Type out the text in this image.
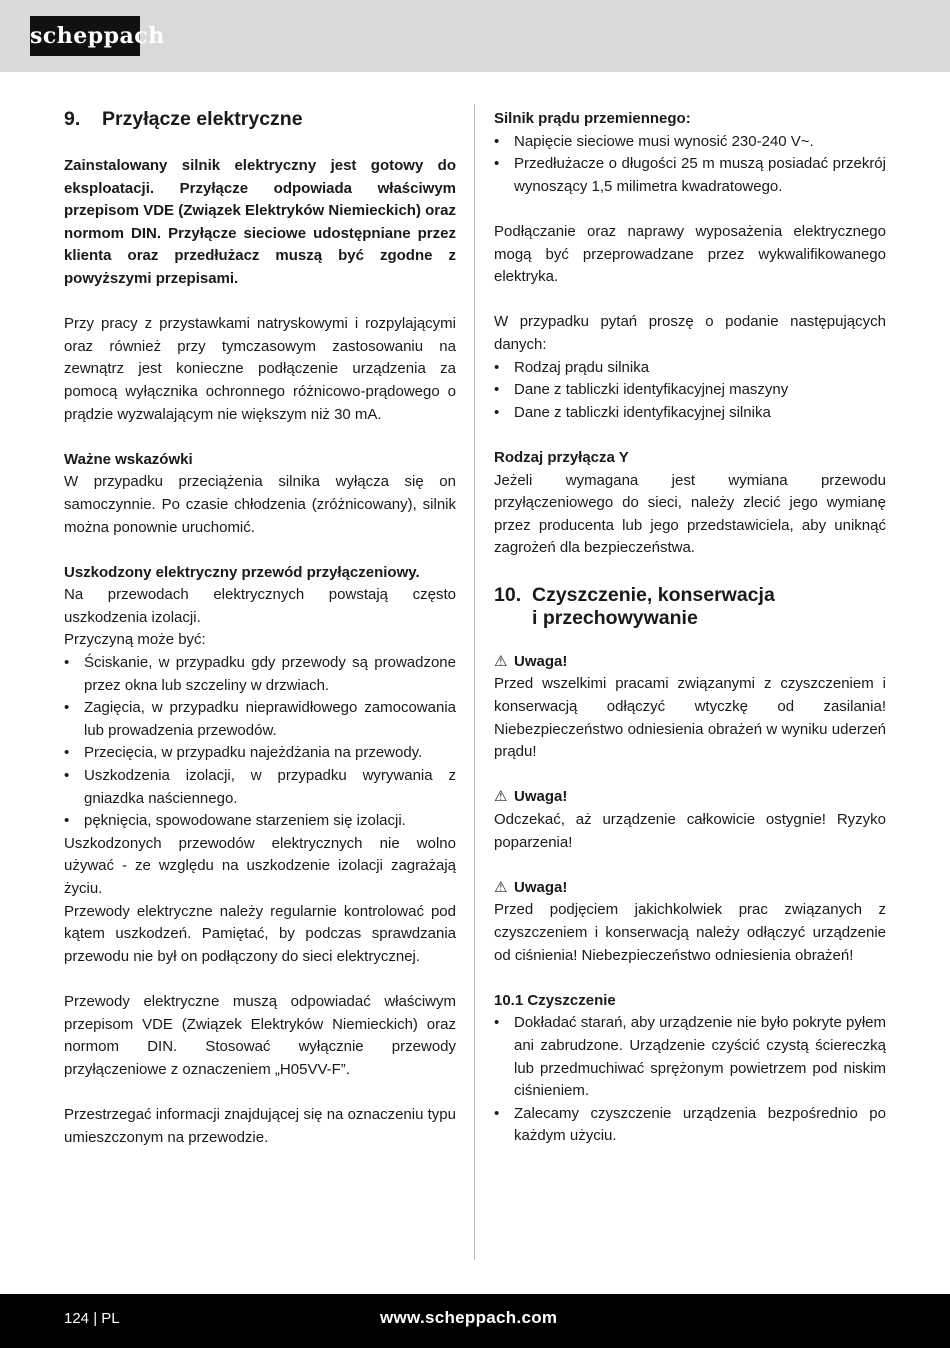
scheppach
9.	Przyłącze elektryczne

Zainstalowany silnik elektryczny jest gotowy do eksploatacji. Przyłącze odpowiada właściwym przepisom VDE (Związek Elektryków Niemieckich) oraz normom DIN. Przyłącze sieciowe udostępniane przez klienta oraz przedłużacz muszą być zgodne z powyższymi przepisami.

Przy pracy z przystawkami natryskowymi i rozpylającymi oraz również przy tymczasowym zastosowaniu na zewnątrz jest konieczne podłączenie urządzenia za pomocą wyłącznika ochronnego różnicowo-prądowego o prądzie wyzwalającym nie większym niż 30 mA.

Ważne wskazówki

W przypadku przeciążenia silnika wyłącza się on samoczynnie. Po czasie chłodzenia (zróżnicowany), silnik można ponownie uruchomić.

Uszkodzony elektryczny przewód przyłączeniowy.

Na przewodach elektrycznych powstają często uszkodzenia izolacji.

Przyczyną może być:

• Ściskanie, w przypadku gdy przewody są prowadzone przez okna lub szczeliny w drzwiach.
• Zagięcia, w przypadku nieprawidłowego zamocowania lub prowadzenia przewodów.
• Przecięcia, w przypadku najeżdżania na przewody.
• Uszkodzenia izolacji, w przypadku wyrywania z gniazdka naściennego.
• pęknięcia, spowodowane starzeniem się izolacji.

Uszkodzonych przewodów elektrycznych nie wolno używać - ze względu na uszkodzenie izolacji zagrażają życiu.

Przewody elektryczne należy regularnie kontrolować pod kątem uszkodzeń. Pamiętać, by podczas sprawdzania przewodu nie był on podłączony do sieci elektrycznej.

Przewody elektryczne muszą odpowiadać właściwym przepisom VDE (Związek Elektryków Niemieckich) oraz normom DIN. Stosować wyłącznie przewody przyłączeniowe z oznaczeniem „H05VV-F”.

Przestrzegać informacji znajdującej się na oznaczeniu typu umieszczonym na przewodzie.

Silnik prądu przemiennego:

• Napięcie sieciowe musi wynosić 230-240 V~.
• Przedłużacze o długości 25 m muszą posiadać przekrój wynoszący 1,5 milimetra kwadratowego.

Podłączanie oraz naprawy wyposażenia elektrycznego mogą być przeprowadzane przez wykwalifikowanego elektryka.

W przypadku pytań proszę o podanie następujących danych:

• Rodzaj prądu silnika
• Dane z tabliczki identyfikacyjnej maszyny
• Dane z tabliczki identyfikacyjnej silnika

Rodzaj przyłącza Y

Jeżeli wymagana jest wymiana przewodu przyłączeniowego do sieci, należy zlecić jego wymianę przez producenta lub jego przedstawiciela, aby uniknąć zagrożeń dla bezpieczeństwa.

10. Czyszczenie, konserwacja
i przechowywanie
⚠ Uwaga!

Przed wszelkimi pracami związanymi z czyszczeniem i konserwacją odłączyć wtyczkę od zasilania! Niebezpieczeństwo odniesienia obrażeń w wyniku uderzeń prądu!

⚠ Uwaga!

Odczekać, aż urządzenie całkowicie ostygnie! Ryzyko poparzenia!

⚠ Uwaga!

Przed podjęciem jakichkolwiek prac związanych z czyszczeniem i konserwacją należy odłączyć urządzenie od ciśnienia! Niebezpieczeństwo odniesienia obrażeń!

10.1 Czyszczenie

• Dokładać starań, aby urządzenie nie było pokryte pyłem ani zabrudzone. Urządzenie czyścić czystą ściereczką lub przedmuchiwać sprężonym powietrzem pod niskim ciśnieniem.
• Zalecamy czyszczenie urządzenia bezpośrednio po każdym użyciu.
124 | PL	www.scheppach.com
